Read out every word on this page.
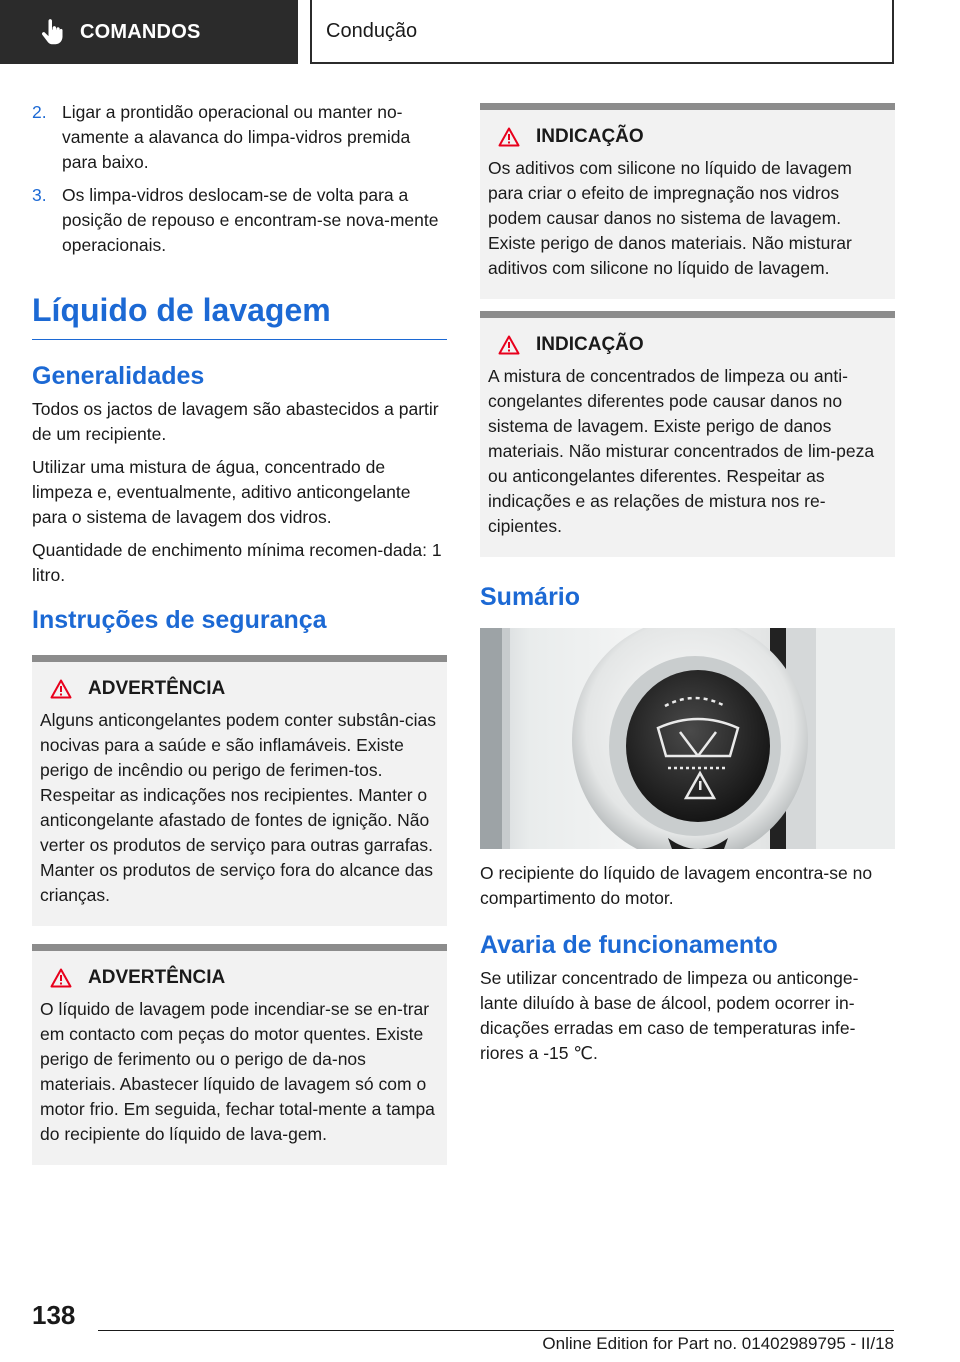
COMANDOS	Condução
2. Ligar a prontidão operacional ou manter no-vamente a alavanca do limpa-vidros premida para baixo.
3. Os limpa-vidros deslocam-se de volta para a posição de repouso e encontram-se nova-mente operacionais.
Líquido de lavagem
Generalidades

Todos os jactos de lavagem são abastecidos a partir de um recipiente.

Utilizar uma mistura de água, concentrado de limpeza e, eventualmente, aditivo anticongelante para o sistema de lavagem dos vidros.

Quantidade de enchimento mínima recomen-dada: 1 litro.

Instruções de segurança
ADVERTÊNCIA
Alguns anticongelantes podem conter substân-cias nocivas para a saúde e são inflamáveis. Existe perigo de incêndio ou perigo de ferimen-tos. Respeitar as indicações nos recipientes. Manter o anticongelante afastado de fontes de ignição. Não verter os produtos de serviço para outras garrafas. Manter os produtos de serviço fora do alcance das crianças.
ADVERTÊNCIA
O líquido de lavagem pode incendiar-se se en-trar em contacto com peças do motor quentes. Existe perigo de ferimento ou o perigo de da-nos materiais. Abastecer líquido de lavagem só com o motor frio. Em seguida, fechar total-mente a tampa do recipiente do líquido de lava-gem.
INDICAÇÃO
Os aditivos com silicone no líquido de lavagem para criar o efeito de impregnação nos vidros podem causar danos no sistema de lavagem. Existe perigo de danos materiais. Não misturar aditivos com silicone no líquido de lavagem.
INDICAÇÃO
A mistura de concentrados de limpeza ou anti-congelantes diferentes pode causar danos no sistema de lavagem. Existe perigo de danos materiais. Não misturar concentrados de lim-peza ou anticongelantes diferentes. Respeitar as indicações e as relações de mistura nos re-cipientes.
Sumário

O recipiente do líquido de lavagem encontra-se no compartimento do motor.

Avaria de funcionamento

Se utilizar concentrado de limpeza ou anticonge-lante diluído à base de álcool, podem ocorrer in-dicações erradas em caso de temperaturas infe-riores a -15 ℃.

138
Online Edition for Part no. 01402989795 - II/18
